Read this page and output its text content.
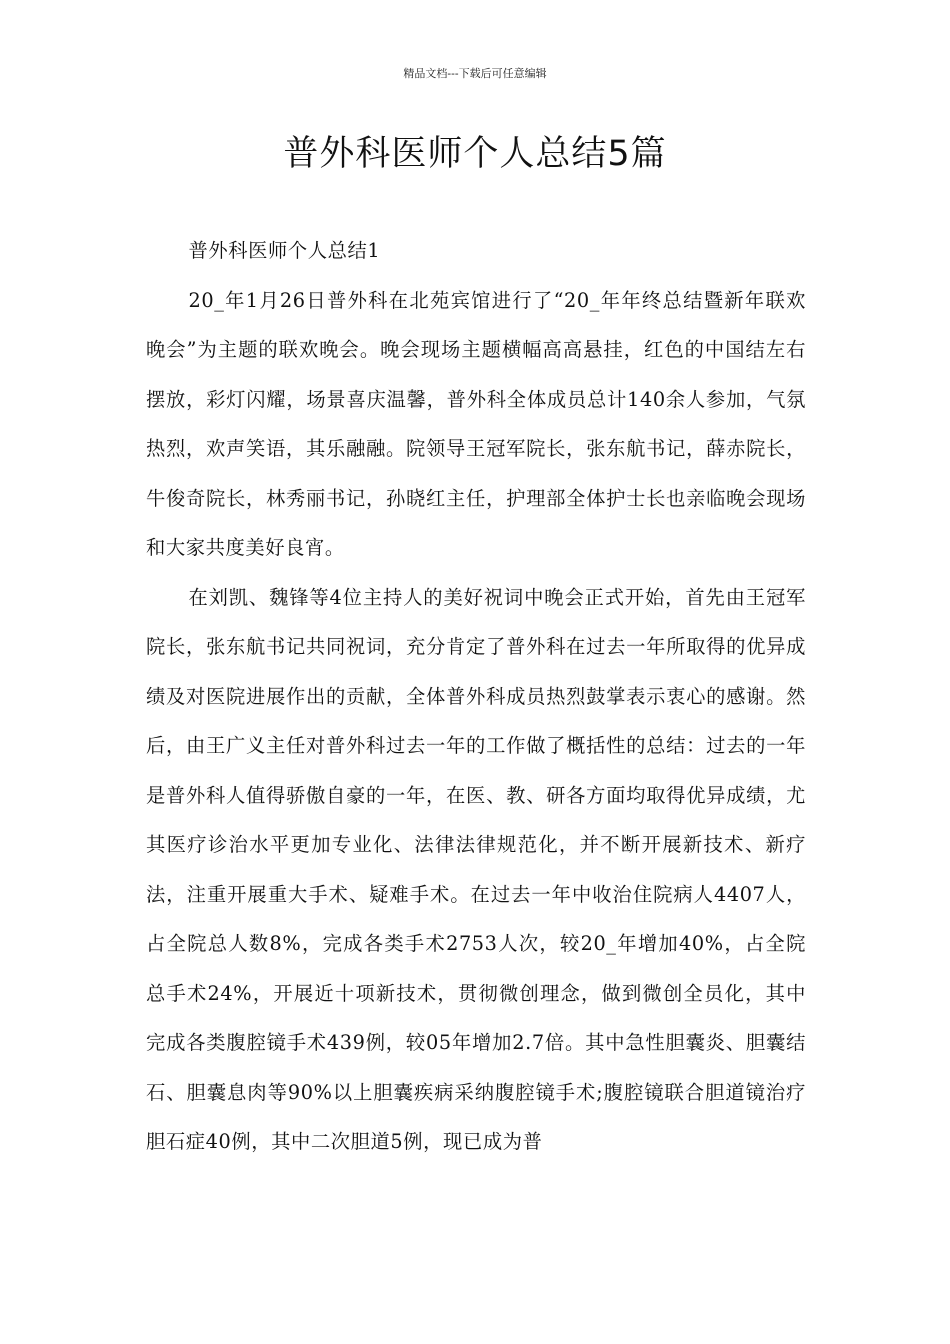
精品文档---下载后可任意编辑
普外科医师个人总结5篇

普外科医师个人总结1

20_年1月26日普外科在北苑宾馆进行了“20_年年终总结暨新年联欢晚会”为主题的联欢晚会。晚会现场主题横幅高高悬挂，红色的中国结左右摆放，彩灯闪耀，场景喜庆温馨，普外科全体成员总计140余人参加，气氛热烈，欢声笑语，其乐融融。院领导王冠军院长，张东航书记，薛赤院长，牛俊奇院长，林秀丽书记，孙晓红主任，护理部全体护士长也亲临晚会现场和大家共度美好良宵。

在刘凯、魏锋等4位主持人的美好祝词中晚会正式开始，首先由王冠军院长，张东航书记共同祝词，充分肯定了普外科在过去一年所取得的优异成绩及对医院进展作出的贡献，全体普外科成员热烈鼓掌表示衷心的感谢。然后，由王广义主任对普外科过去一年的工作做了概括性的总结：过去的一年是普外科人值得骄傲自豪的一年，在医、教、研各方面均取得优异成绩，尤其医疗诊治水平更加专业化、法律法律规范化，并不断开展新技术、新疗法，注重开展重大手术、疑难手术。在过去一年中收治住院病人4407人，占全院总人数8%，完成各类手术2753人次，较20_年增加40%，占全院总手术24%，开展近十项新技术，贯彻微创理念，做到微创全员化，其中完成各类腹腔镜手术439例，较05年增加2.7倍。其中急性胆囊炎、胆囊结石、胆囊息肉等90%以上胆囊疾病采纳腹腔镜手术;腹腔镜联合胆道镜治疗胆石症40例，其中二次胆道5例，现已成为普
